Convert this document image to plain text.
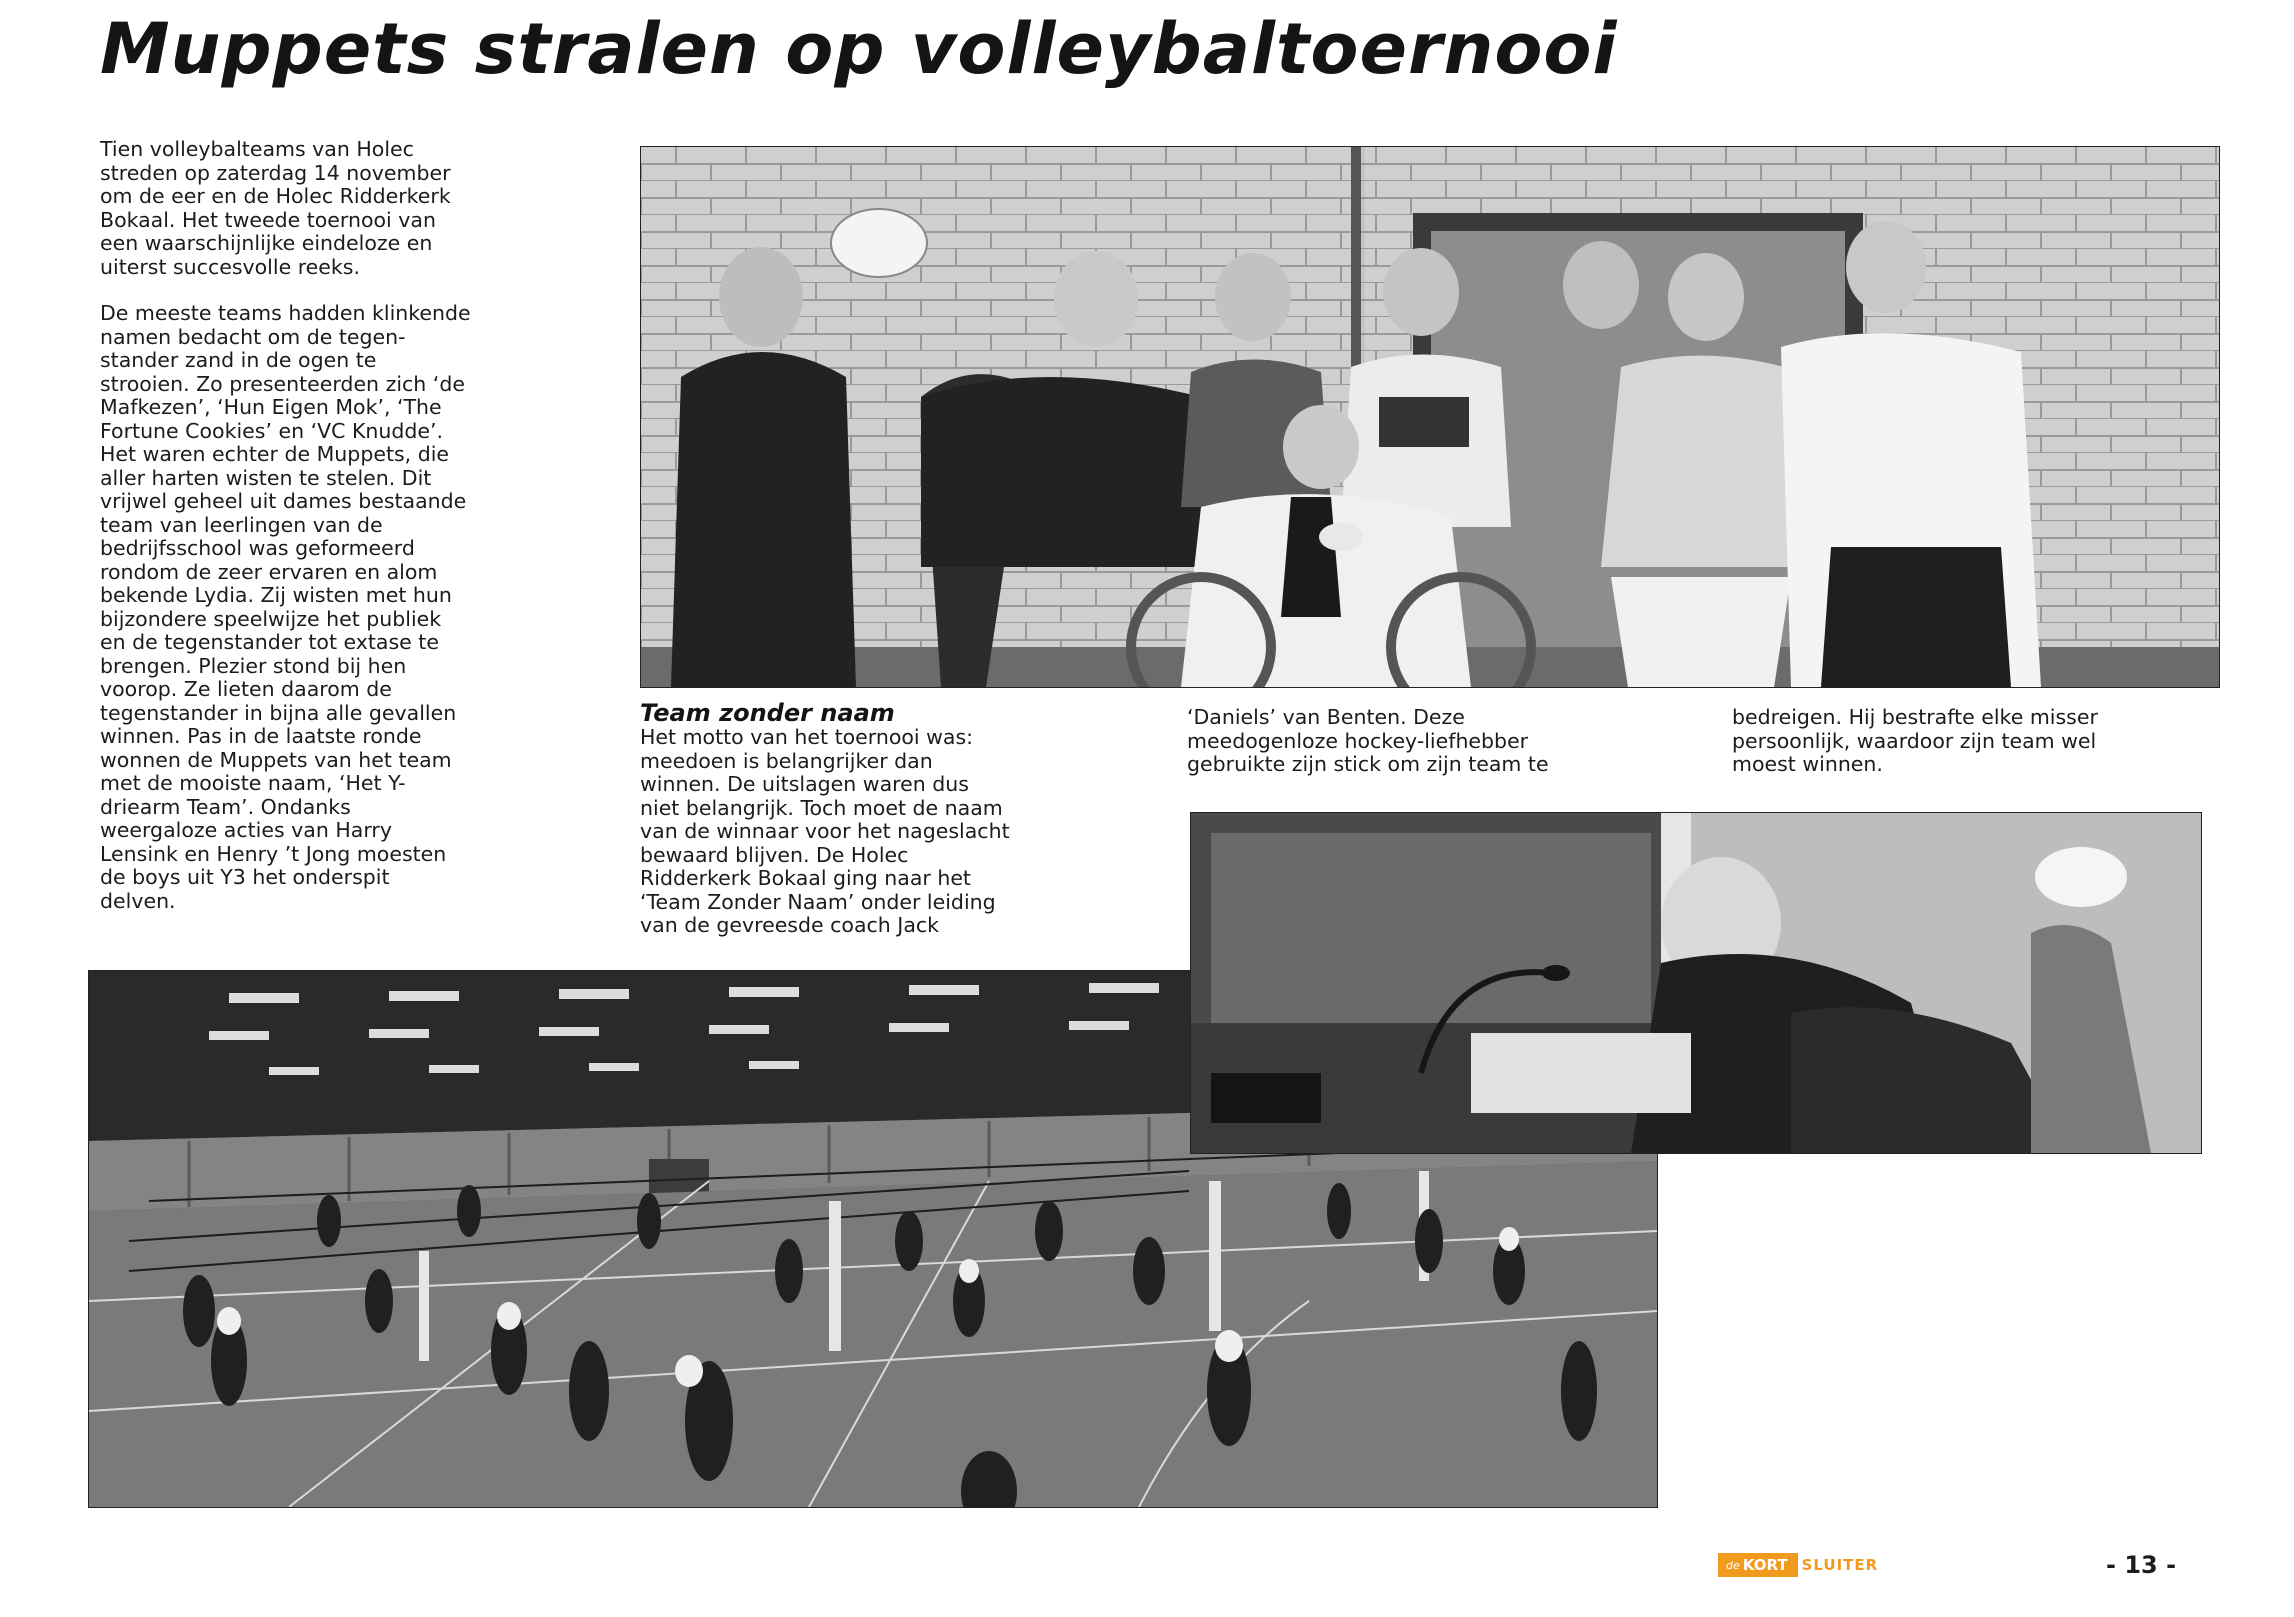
Muppets stralen op volleybaltoernooi

Tien volleybalteams van Holec
streden op zaterdag 14 november
om de eer en de Holec Ridderkerk
Bokaal. Het tweede toernooi van
een waarschijnlijke eindeloze en
uiterst succesvolle reeks.

De meeste teams hadden klinkende
namen bedacht om de tegen-
stander zand in de ogen te
strooien. Zo presenteerden zich ‘de
Mafkezen’, ‘Hun Eigen Mok’, ‘The
Fortune Cookies’ en ‘VC Knudde’.
Het waren echter de Muppets, die
aller harten wisten te stelen. Dit
vrijwel geheel uit dames bestaande
team van leerlingen van de
bedrijfsschool was geformeerd
rondom de zeer ervaren en alom
bekende Lydia. Zij wisten met hun
bijzondere speelwijze het publiek
en de tegenstander tot extase te
brengen. Plezier stond bij hen
voorop. Ze lieten daarom de
tegenstander in bijna alle gevallen
winnen. Pas in de laatste ronde
wonnen de Muppets van het team
met de mooiste naam, ‘Het Y-
driearm Team’. Ondanks
weergaloze acties van Harry
Lensink en Henry ’t Jong moesten
de boys uit Y3 het onderspit
delven.

Team zonder naam

Het motto van het toernooi was:
meedoen is belangrijker dan
winnen. De uitslagen waren dus
niet belangrijk. Toch moet de naam
van de winnaar voor het nageslacht
bewaard blijven. De Holec
Ridderkerk Bokaal ging naar het
‘Team Zonder Naam’ onder leiding
van de gevreesde coach Jack

‘Daniels’ van Benten. Deze
meedogenloze hockey-liefhebber
gebruikte zijn stick om zijn team te

bedreigen. Hij bestrafte elke misser
persoonlijk, waardoor zijn team wel
moest winnen.

de KORT SLUITER	- 13 -
